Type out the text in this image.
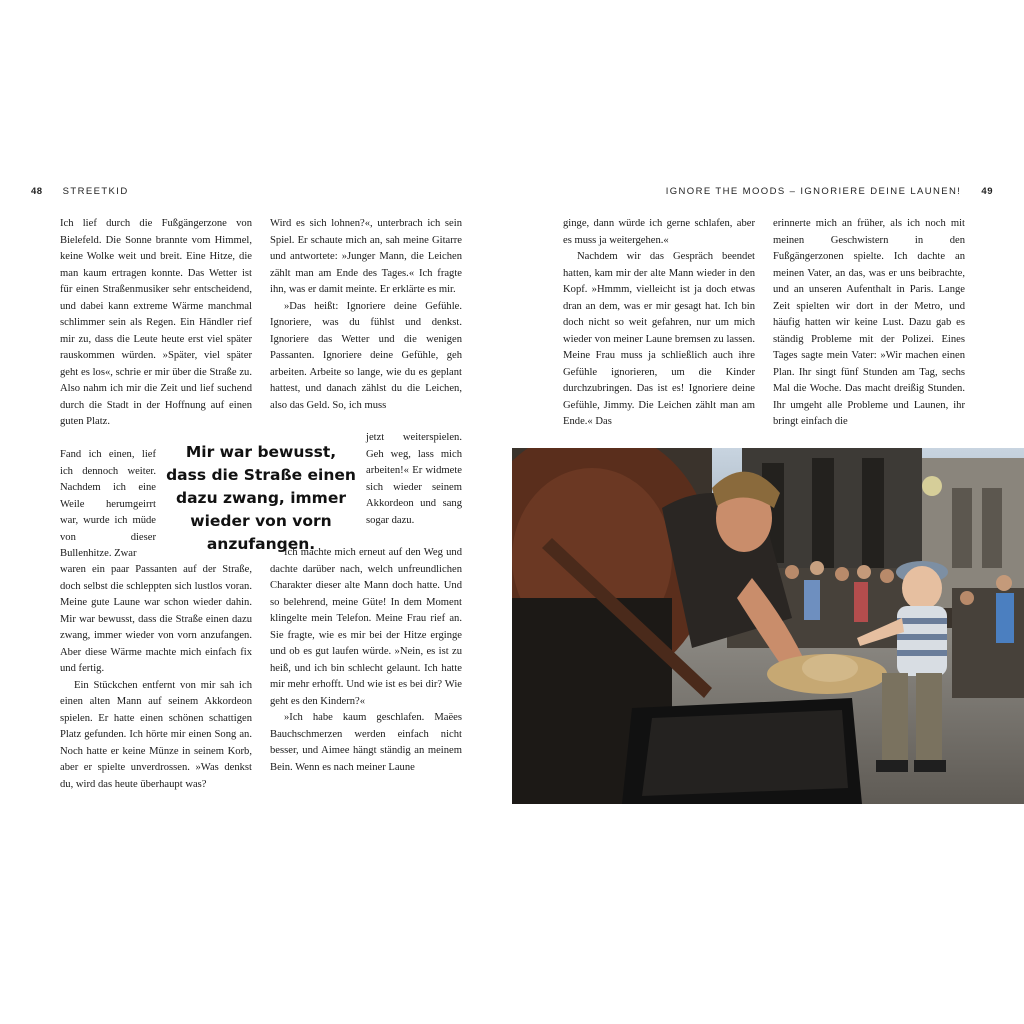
48 STREETKID	IGNORE THE MOODS – IGNORIERE DEINE LAUNEN! 49

Ich lief durch die Fußgängerzone von Bielefeld. Die Sonne brannte vom Himmel, keine Wolke weit und breit. Eine Hitze, die man kaum ertragen konnte. Das Wetter ist für einen Straßenmusiker sehr entscheidend, und dabei kann extreme Wärme manchmal schlimmer sein als Regen. Ein Händler rief mir zu, dass die Leute heute erst viel später rauskommen würden. »Später, viel später geht es los«, schrie er mir über die Straße zu. Also nahm ich mir die Zeit und lief suchend durch die Stadt in der Hoffnung auf einen guten Platz.

Fand ich einen, lief ich dennoch weiter. Nachdem ich eine Weile herumgeirrt war, wurde ich müde von dieser Bullenhitze. Zwar

waren ein paar Passanten auf der Straße, doch selbst die schleppten sich lustlos voran. Meine gute Laune war schon wieder dahin. Mir war bewusst, dass die Straße einen dazu zwang, immer wieder von vorn anzufangen. Aber diese Wärme machte mich einfach fix und fertig.

Ein Stückchen entfernt von mir sah ich einen alten Mann auf seinem Akkordeon spielen. Er hatte einen schönen schattigen Platz gefunden. Ich hörte mir einen Song an. Noch hatte er keine Münze in seinem Korb, aber er spielte unverdrossen. »Was denkst du, wird das heute überhaupt was?

Wird es sich lohnen?«, unterbrach ich sein Spiel. Er schaute mich an, sah meine Gitarre und antwortete: »Junger Mann, die Leichen zählt man am Ende des Tages.« Ich fragte ihn, was er damit meinte. Er erklärte es mir.

»Das heißt: Ignoriere deine Gefühle. Ignoriere, was du fühlst und denkst. Ignoriere das Wetter und die wenigen Passanten. Ignoriere deine Gefühle, geh arbeiten. Arbeite so lange, wie du es geplant hattest, und danach zählst du die Leichen, also das Geld. So, ich muss

jetzt weiterspielen. Geh weg, lass mich arbeiten!« Er widmete sich wieder seinem Akkordeon und sang sogar dazu.

Ich machte mich erneut auf den Weg und dachte darüber nach, welch unfreundlichen Charakter dieser alte Mann doch hatte. Und so belehrend, meine Güte! In dem Moment klingelte mein Telefon. Meine Frau rief an. Sie fragte, wie es mir bei der Hitze erginge und ob es gut laufen würde. »Nein, es ist zu heiß, und ich bin schlecht gelaunt. Ich hatte mir mehr erhofft. Und wie ist es bei dir? Wie geht es den Kindern?«

»Ich habe kaum geschlafen. Maëes Bauchschmerzen werden einfach nicht besser, und Aimee hängt ständig an meinem Bein. Wenn es nach meiner Laune

Mir war bewusst, dass die Straße einen dazu zwang, immer wieder von vorn anzufangen.

ginge, dann würde ich gerne schlafen, aber es muss ja weitergehen.«

Nachdem wir das Gespräch beendet hatten, kam mir der alte Mann wieder in den Kopf. »Hmmm, vielleicht ist ja doch etwas dran an dem, was er mir gesagt hat. Ich bin doch nicht so weit gefahren, nur um mich wieder von meiner Laune bremsen zu lassen. Meine Frau muss ja schließlich auch ihre Gefühle ignorieren, um die Kinder durchzubringen. Das ist es! Ignoriere deine Gefühle, Jimmy. Die Leichen zählt man am Ende.« Das

erinnerte mich an früher, als ich noch mit meinen Geschwistern in den Fußgängerzonen spielte. Ich dachte an meinen Vater, an das, was er uns beibrachte, und an unseren Aufenthalt in Paris. Lange Zeit spielten wir dort in der Metro, und häufig hatten wir keine Lust. Dazu gab es ständig Probleme mit der Polizei. Eines Tages sagte mein Vater: »Wir machen einen Plan. Ihr singt fünf Stunden am Tag, sechs Mal die Woche. Das macht dreißig Stunden. Ihr umgeht alle Probleme und Launen, ihr bringt einfach die
